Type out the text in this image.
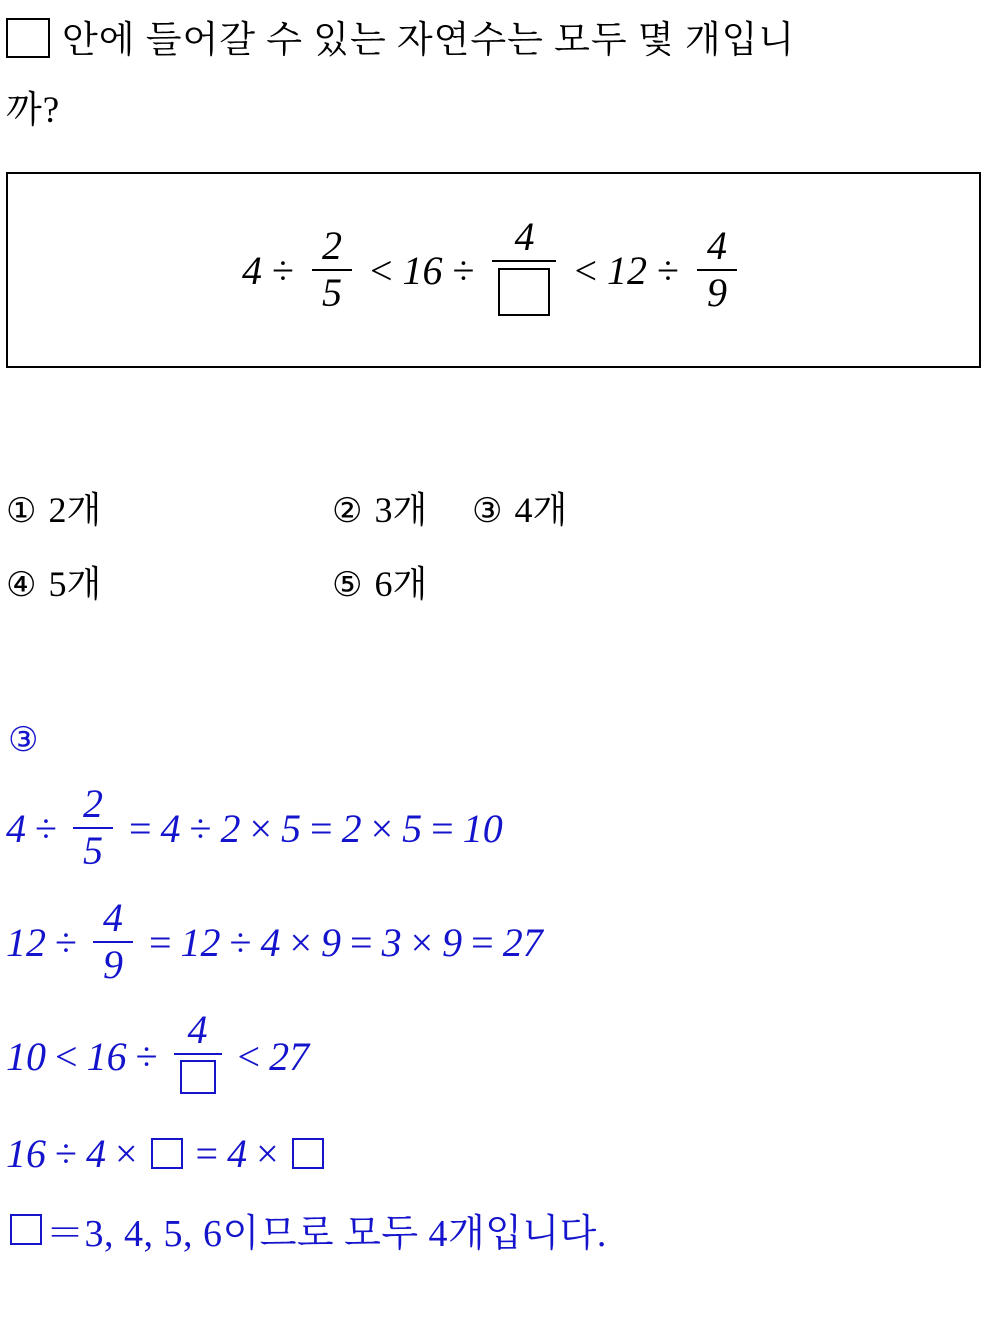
안에 들어갈 수 있는 자연수는 모두 몇 개입니
까?
$4 \div \frac{2}{5} < 16$ ÷
4
< $12 \div \frac{4}{9}$
① 2개	② 3개 ③ 4개
④ 5개	⑤ 6개
③
$4 \div \frac{2}{5} = 4 \div 2 \times 5 = 2 \times 5 = 10$
$12 \div \frac{4}{9} = 12 \div 4 \times 9 = 3 \times 9 = 27$
10 < 16 ÷
4
< 27
16 ÷ 4 × = 4 ×
＝3, 4, 5, 6이므로 모두 4개입니다.
